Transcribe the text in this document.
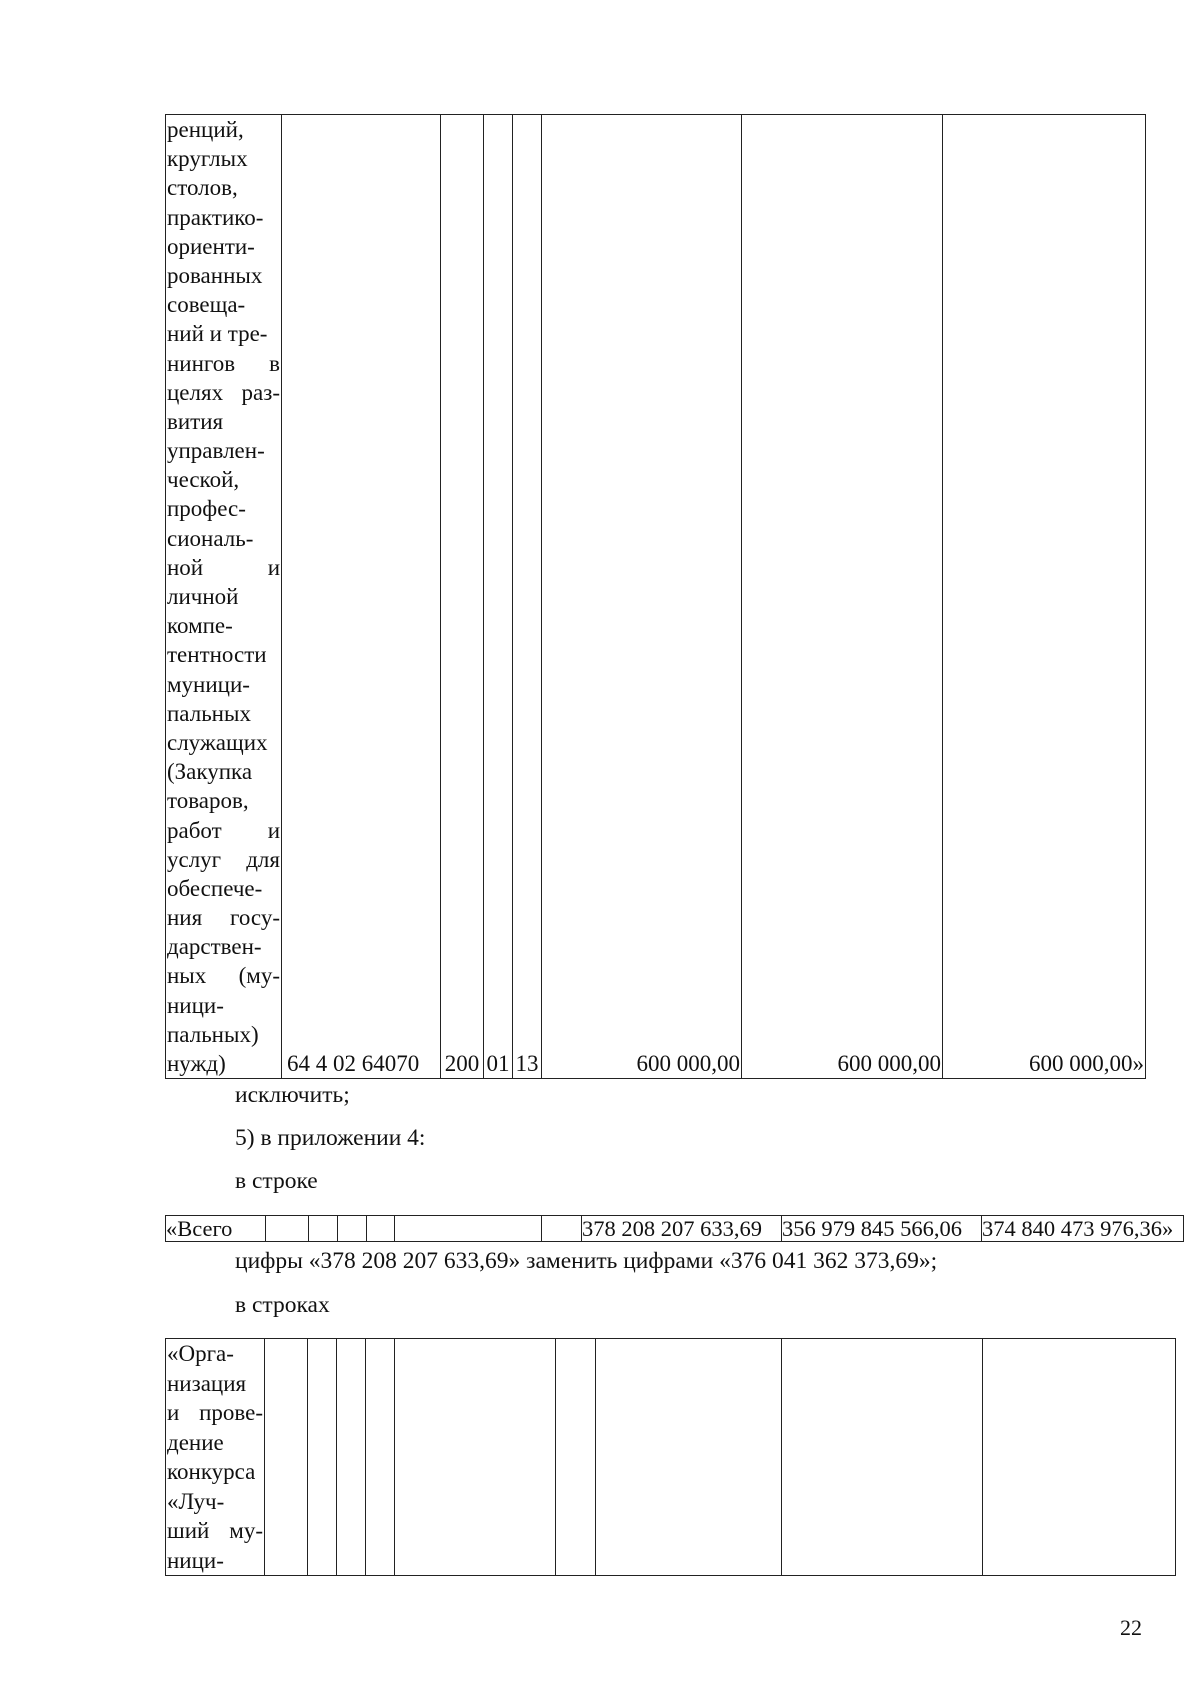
ренций,
круглых
столов,
практико-
ориенти-
рованных
совеща-
ний и тре-
нингов в
целях раз-
вития
управлен-
ческой,
профес-
сиональ-
ной	и
личной
компе-
тентности
муници-
пальных
служащих
(Закупка
товаров,
работ и
услуг для
обеспече-
ния госу-
дарствен-
ных (му-
ници-
пальных)
нужд)	64 4 02 64070	200	01	13	600 000,00	600 000,00	600 000,00»
исключить;
5) в приложении 4:
в строке
«Всего							378 208 207 633,69	356 979 845 566,06	374 840 473 976,36»
цифры «378 208 207 633,69» заменить цифрами «376 041 362 373,69»;
в строках
«Орга-
низация
и прове-
дение
конкурса
«Луч-
ший му-
ници-

22
